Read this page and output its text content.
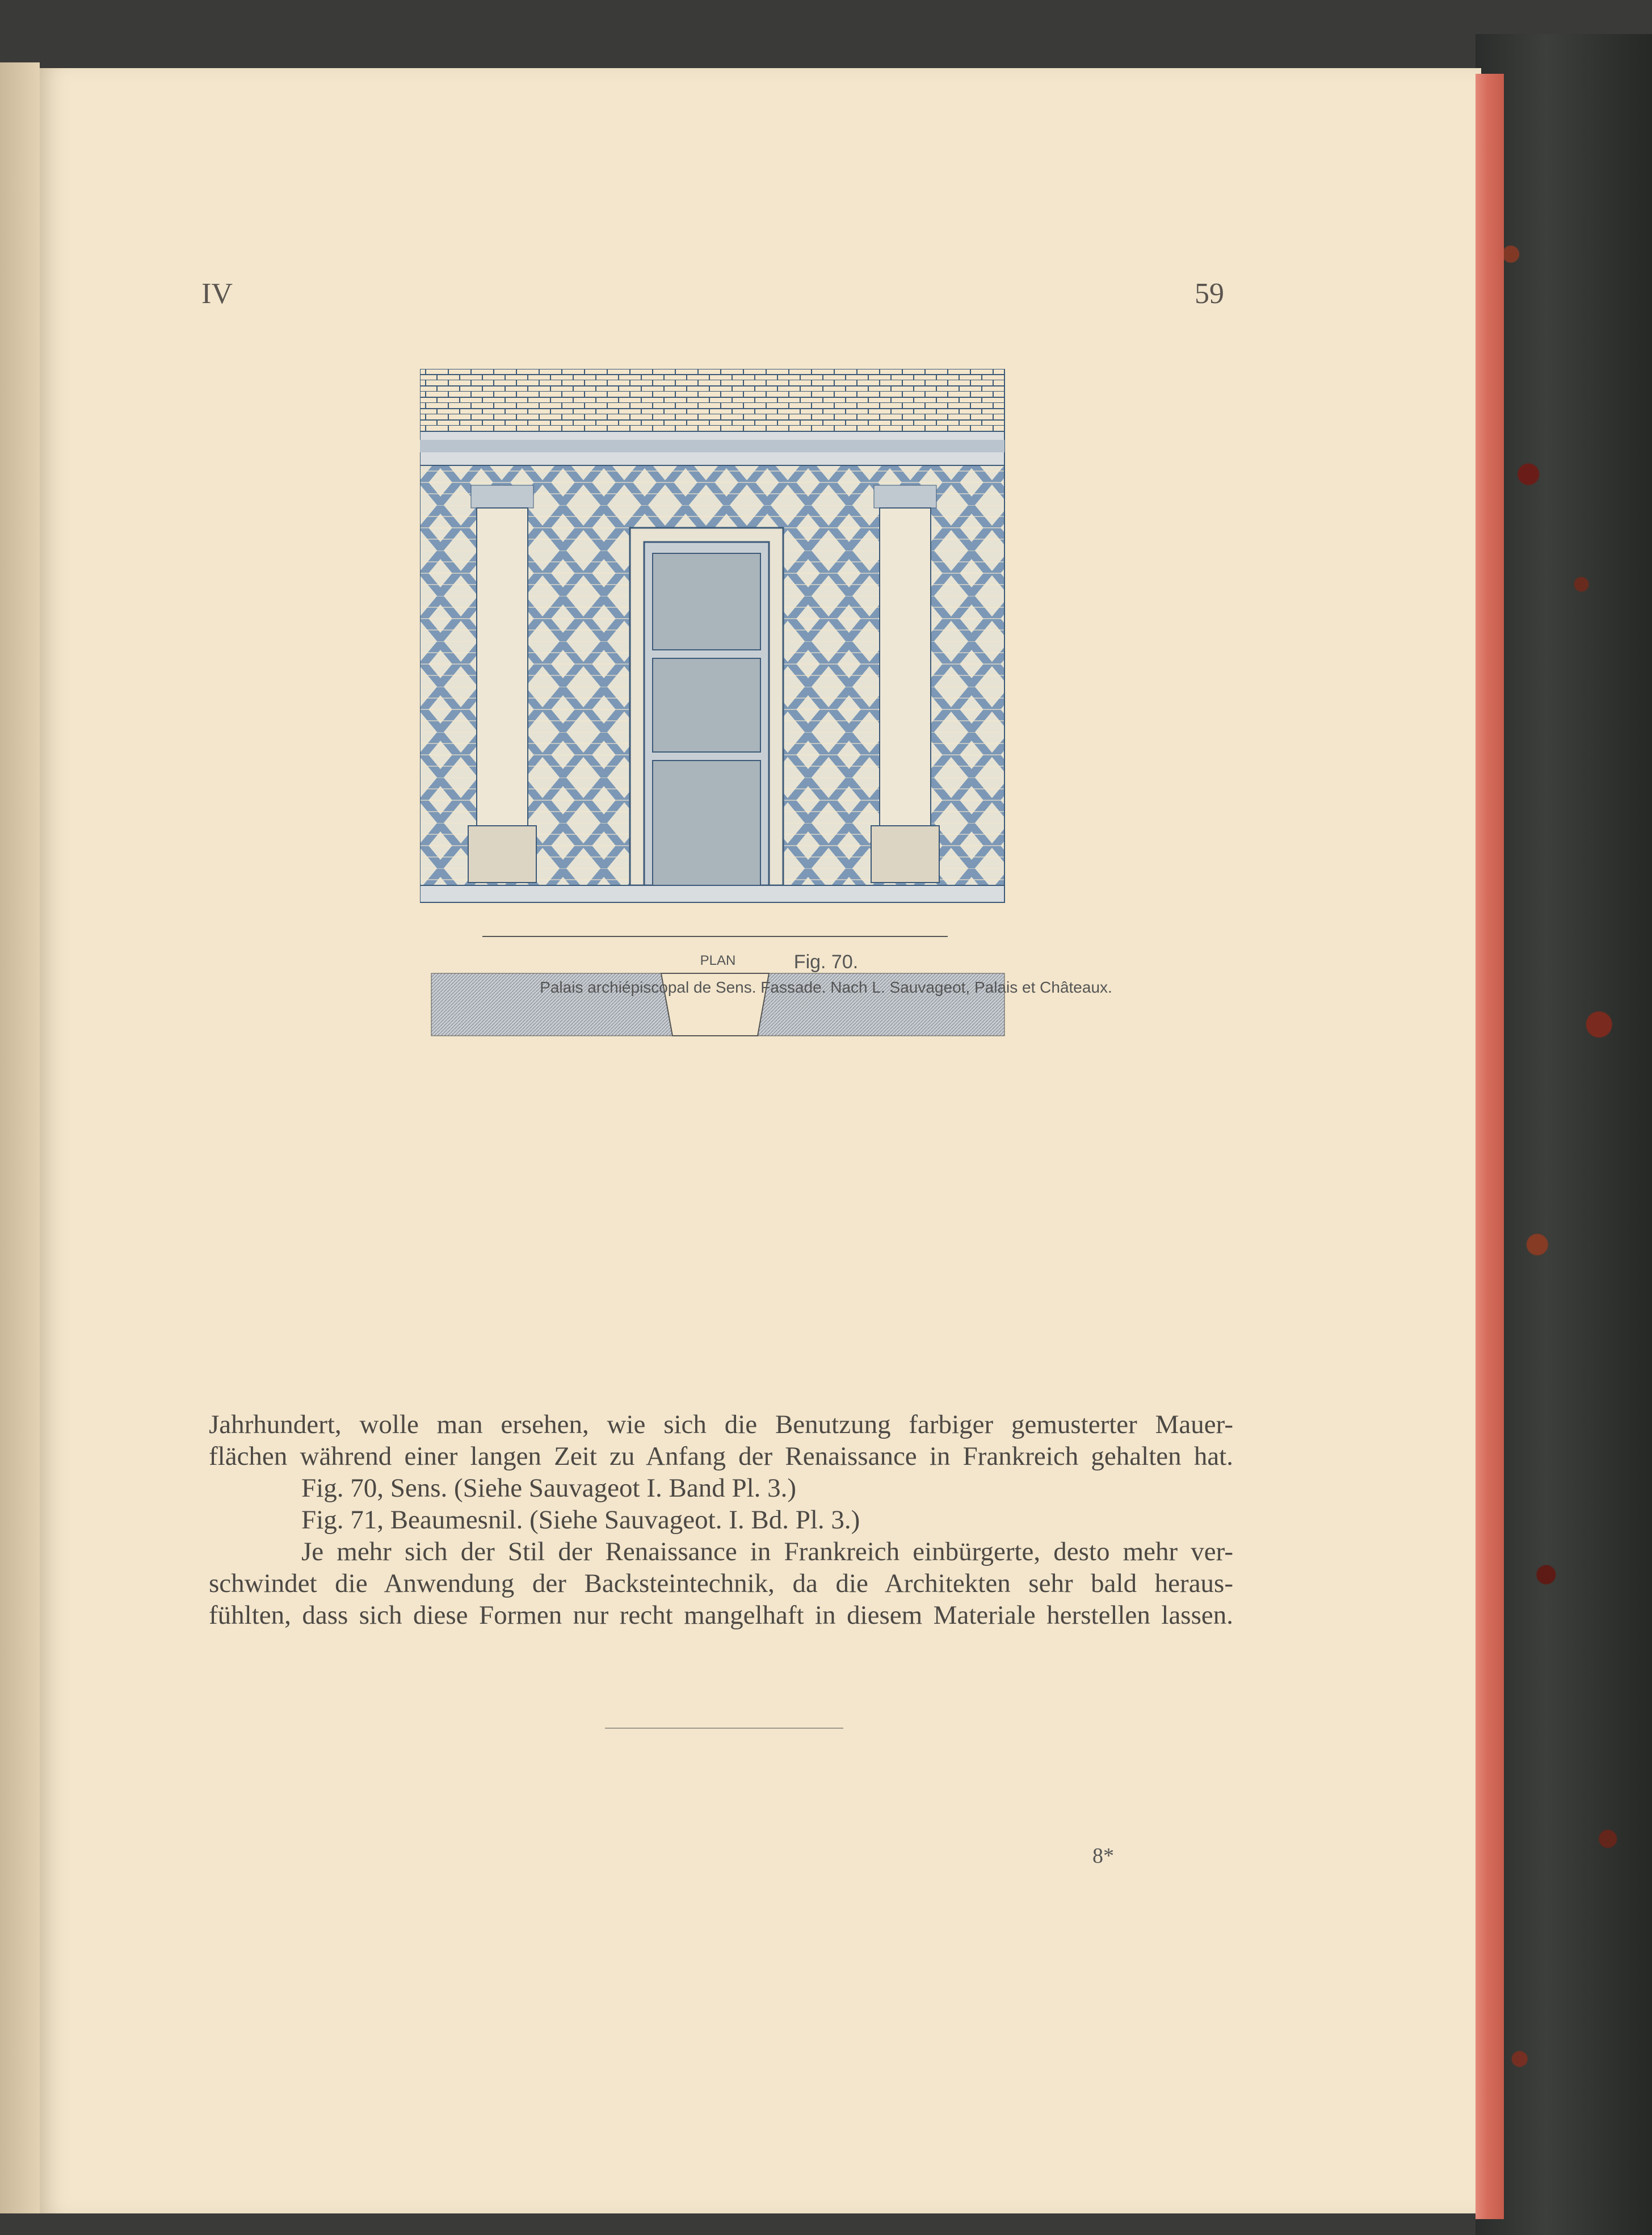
IV	59
PLAN	Fig. 70.
Palais archiépiscopal de Sens. Fassade. Nach L. Sauvageot, Palais et Châteaux.

Jahrhundert, wolle man ersehen, wie sich die Benutzung farbiger gemusterter Mauer-

flächen während einer langen Zeit zu Anfang der Renaissance in Frankreich gehalten hat.

Fig. 70, Sens. (Siehe Sauvageot I. Band Pl. 3.)

Fig. 71, Beaumesnil. (Siehe Sauvageot. I. Bd. Pl. 3.)

Je mehr sich der Stil der Renaissance in Frankreich einbürgerte, desto mehr ver-

schwindet die Anwendung der Backsteintechnik, da die Architekten sehr bald heraus-

fühlten, dass sich diese Formen nur recht mangelhaft in diesem Materiale herstellen lassen.

8*
